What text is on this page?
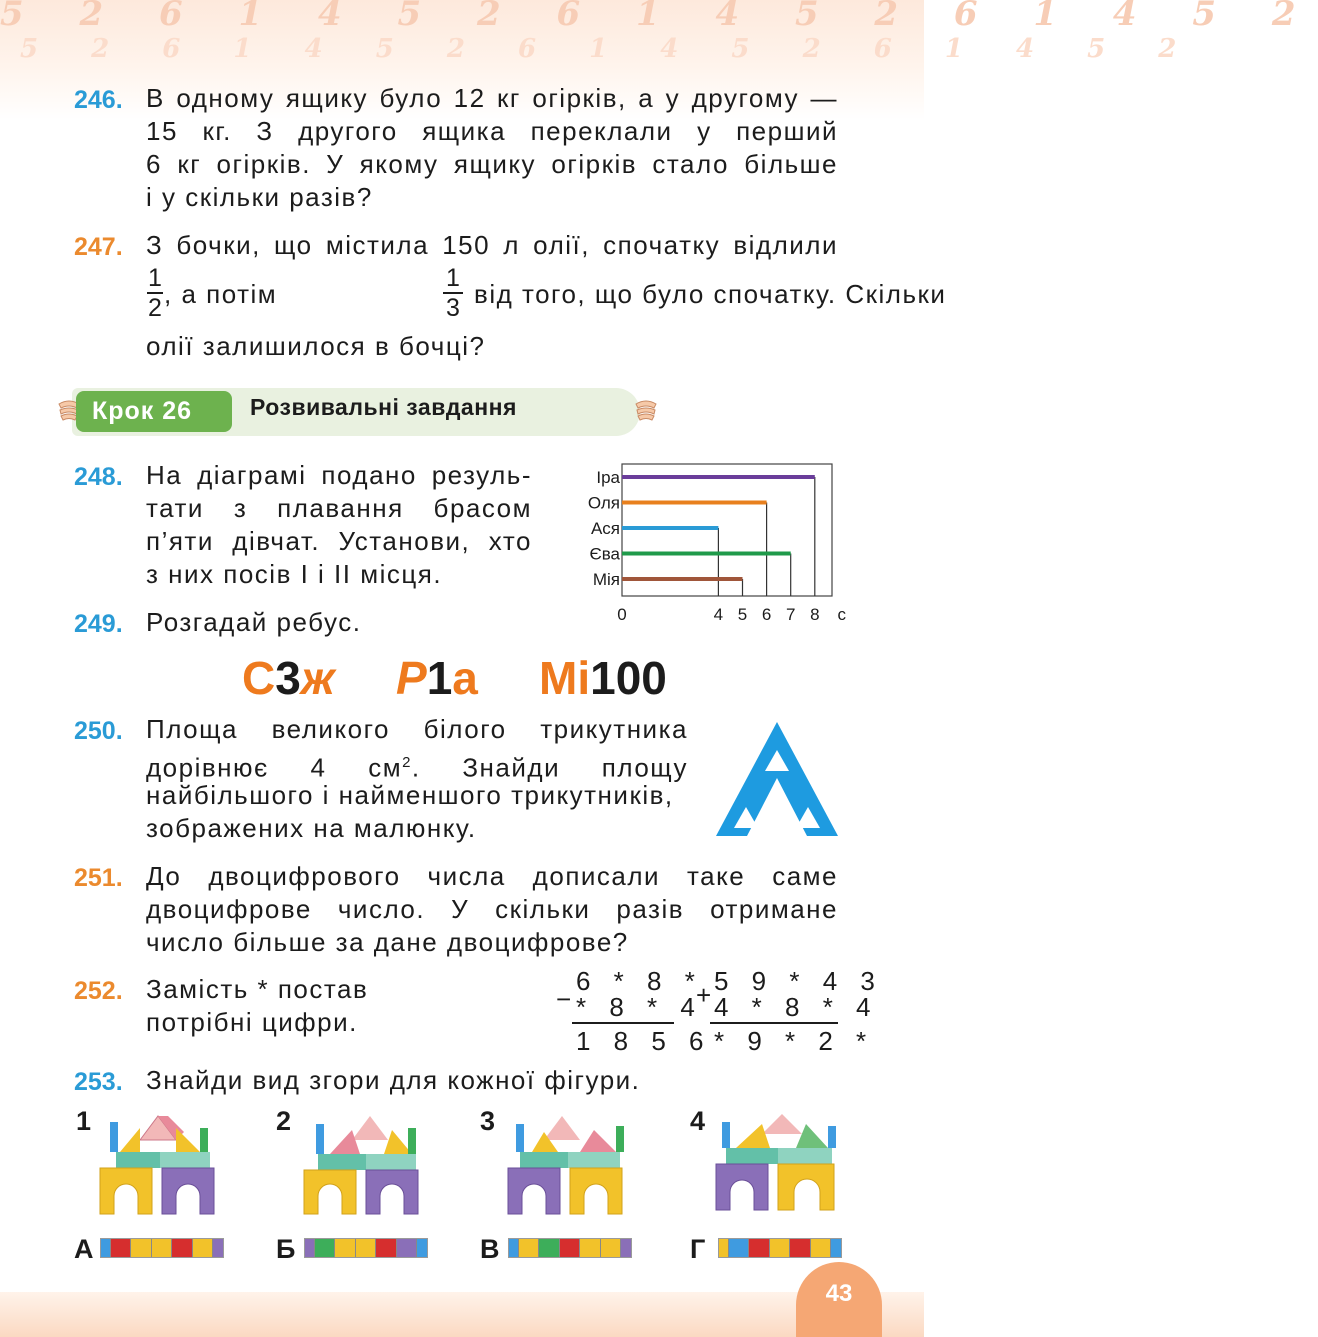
5 2 6 1 4 5 2 6 1 4 5 2 6 1 4 5 2
5 2 6 1 4 5 2 6 1 4 5 2 6 1 4 5 2
43
246. В одному ящику було 12 кг огірків, а у другому —
15 кг. З другого ящика переклали у перший
6 кг огірків. У якому ящику огірків стало більше
і у скільки разів?
247. З бочки, що містила 150 л олії, спочатку відлили
1
2 , а потім
1
3 від того, що було спочатку. Скільки
олії залишилося в бочці?
Крок 26	Розвивальні завдання
248. На діаграмі подано резуль-
тати з плавання брасом
п’яти дівчат. Установи, хто
з них посів І і ІІ місця.
Іра
Оля
Ася
Єва
Мія
0	4 5 6 7 8 с
249. Розгадай ребус.
С3ж Р1а Мі100
250. Площа великого білого трикутника
дорівнює 4 $см^2$. Знайди площу
найбільшого і найменшого трикутників,
зображених на малюнку.
251. До двоцифрового числа дописали таке саме
двоцифрове число. У скільки разів отримане
число більше за дане двоцифрове?
252. Замість * постав
потрібні цифри.
−
6 * 8 *
* 8 * 4
1 8 5 6
+ 5 9 * 4 3
4 * 8 * 4
* 9 * 2 *
253. Знайди вид згори для кожної фігури.
1	2	3	4
А	Б	В	Г
